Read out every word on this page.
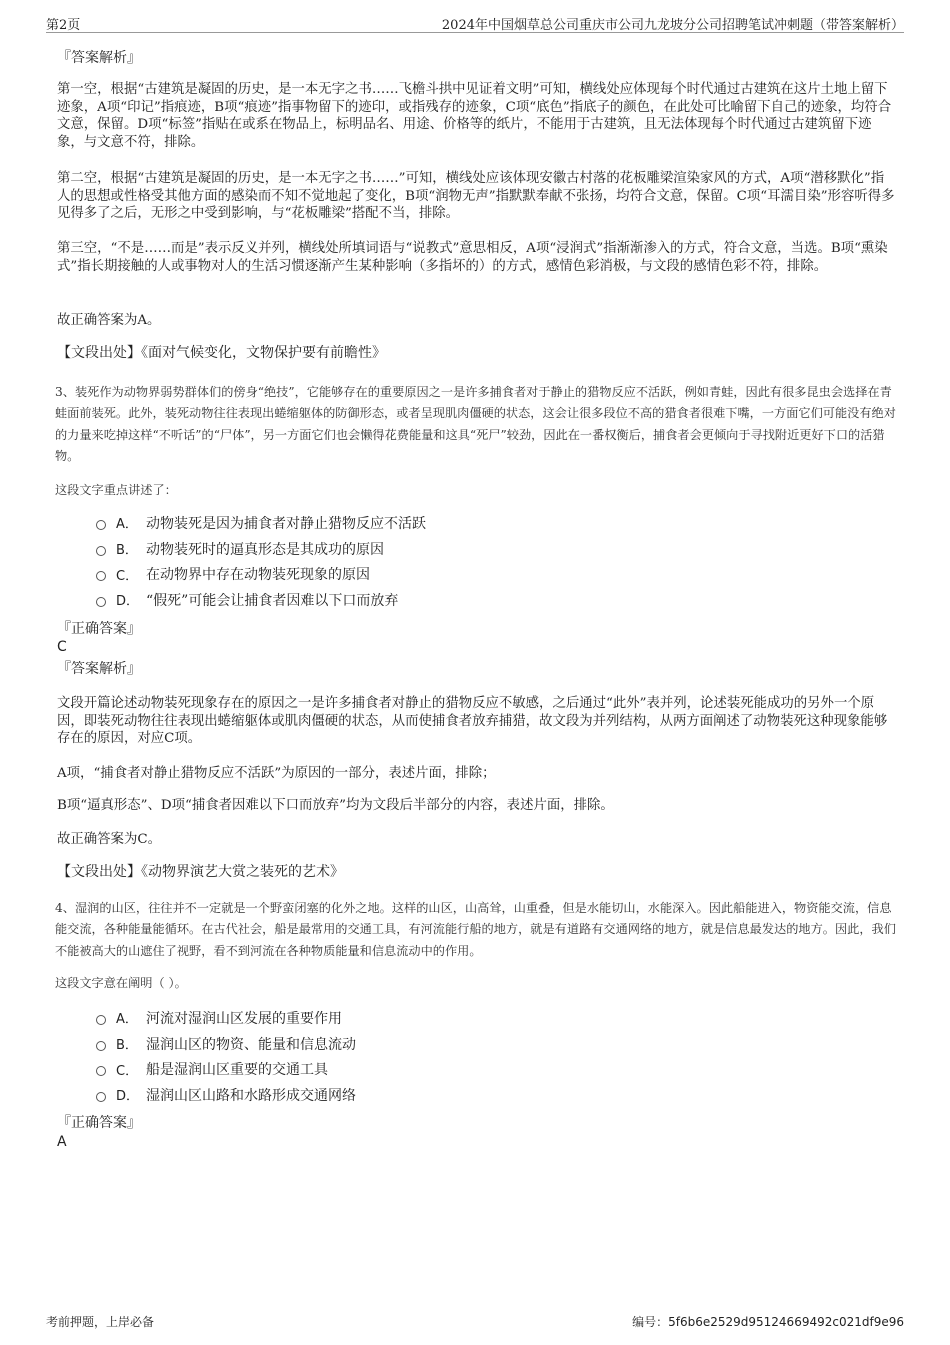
第2页	2024年中国烟草总公司重庆市公司九龙坡分公司招聘笔试冲刺题（带答案解析）
『答案解析』

第一空，根据“古建筑是凝固的历史，是一本无字之书……飞檐斗拱中见证着文明”可知，横线处应体现每个时代通过古建筑在这片土地上留下迹象，A项“印记”指痕迹，B项“痕迹”指事物留下的迹印，或指残存的迹象，C项“底色”指底子的颜色，在此处可比喻留下自己的迹象，均符合文意，保留。D项“标签”指贴在或系在物品上，标明品名、用途、价格等的纸片，不能用于古建筑，且无法体现每个时代通过古建筑留下迹象，与文意不符，排除。

第二空，根据“古建筑是凝固的历史，是一本无字之书……”可知，横线处应该体现安徽古村落的花板雕梁渲染家风的方式，A项“潜移默化”指人的思想或性格受其他方面的感染而不知不觉地起了变化，B项“润物无声”指默默奉献不张扬，均符合文意，保留。C项“耳濡目染”形容听得多见得多了之后，无形之中受到影响，与“花板雕梁”搭配不当，排除。

第三空，“不是……而是”表示反义并列，横线处所填词语与“说教式”意思相反，A项“浸润式”指渐渐渗入的方式，符合文意，当选。B项“熏染式”指长期接触的人或事物对人的生活习惯逐渐产生某种影响（多指坏的）的方式，感情色彩消极，与文段的感情色彩不符，排除。

故正确答案为A。
【文段出处】《面对气候变化，文物保护要有前瞻性》
3、装死作为动物界弱势群体们的傍身“绝技”，它能够存在的重要原因之一是许多捕食者对于静止的猎物反应不活跃，例如青蛙，因此有很多昆虫会选择在青蛙面前装死。此外，装死动物往往表现出蜷缩躯体的防御形态，或者呈现肌肉僵硬的状态，这会让很多段位不高的猎食者很难下嘴，一方面它们可能没有绝对的力量来吃掉这样“不听话”的“尸体”，另一方面它们也会懒得花费能量和这具“死尸”较劲，因此在一番权衡后，捕食者会更倾向于寻找附近更好下口的活猎物。
这段文字重点讲述了：
A． 动物装死是因为捕食者对静止猎物反应不活跃
B． 动物装死时的逼真形态是其成功的原因
C． 在动物界中存在动物装死现象的原因
D． “假死”可能会让捕食者因难以下口而放弃
『正确答案』
C
『答案解析』

文段开篇论述动物装死现象存在的原因之一是许多捕食者对静止的猎物反应不敏感，之后通过“此外”表并列，论述装死能成功的另外一个原因，即装死动物往往表现出蜷缩躯体或肌肉僵硬的状态，从而使捕食者放弃捕猎，故文段为并列结构，从两方面阐述了动物装死这种现象能够存在的原因，对应C项。

A项，“捕食者对静止猎物反应不活跃”为原因的一部分，表述片面，排除；
B项“逼真形态”、D项“捕食者因难以下口而放弃”均为文段后半部分的内容，表述片面，排除。
故正确答案为C。
【文段出处】《动物界演艺大赏之装死的艺术》
4、湿润的山区，往往并不一定就是一个野蛮闭塞的化外之地。这样的山区，山高耸，山重叠，但是水能切山，水能深入。因此船能进入，物资能交流，信息能交流，各种能量能循环。在古代社会，船是最常用的交通工具，有河流能行船的地方，就是有道路有交通网络的地方，就是信息最发达的地方。因此，我们不能被高大的山遮住了视野，看不到河流在各种物质能量和信息流动中的作用。
这段文字意在阐明（ ）。
A． 河流对湿润山区发展的重要作用
B． 湿润山区的物资、能量和信息流动
C． 船是湿润山区重要的交通工具
D． 湿润山区山路和水路形成交通网络
『正确答案』
A
考前押题，上岸必备	编号：5f6b6e2529d95124669492c021df9e96
